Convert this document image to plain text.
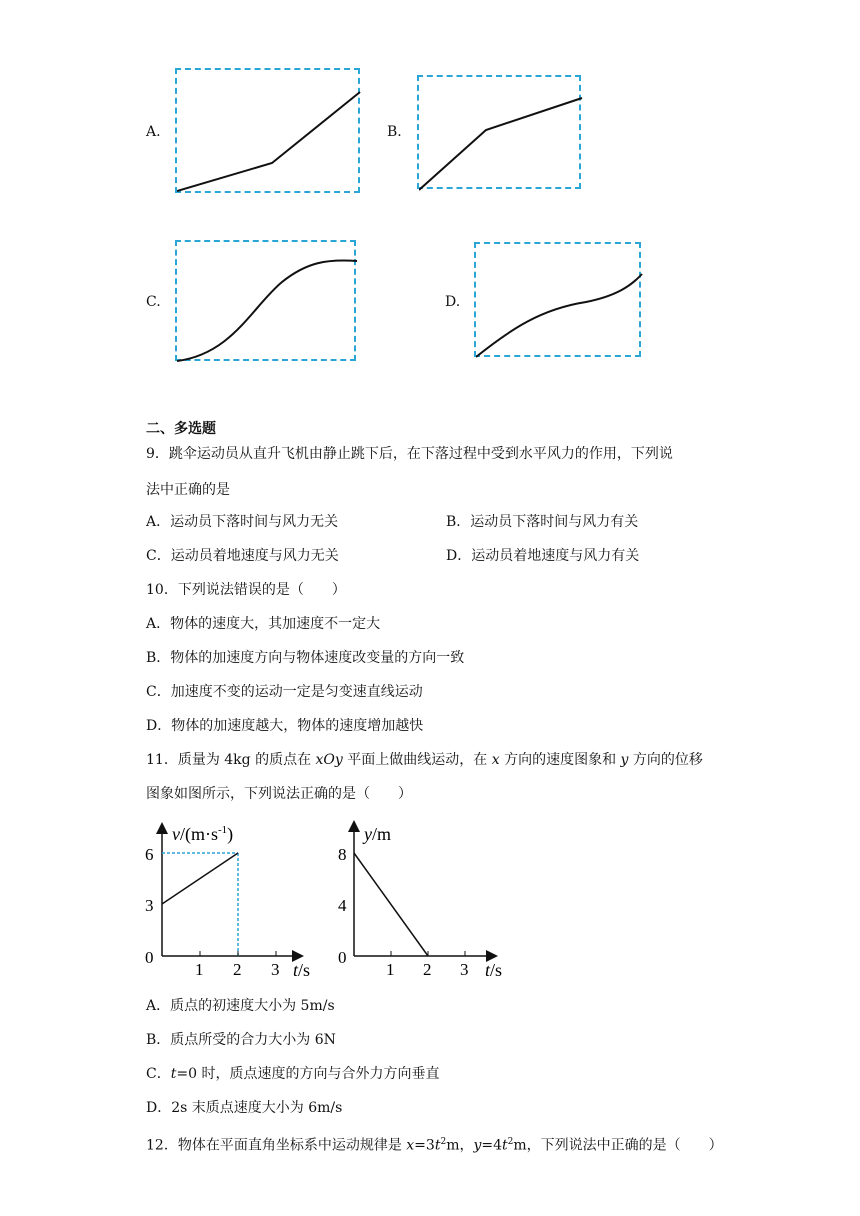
A.	B.
C.	D.
二、多选题
9．跳伞运动员从直升飞机由静止跳下后，在下落过程中受到水平风力的作用，下列说
法中正确的是
A．运动员下落时间与风力无关	B．运动员下落时间与风力有关
C．运动员着地速度与风力无关	D．运动员着地速度与风力有关
10．下列说法错误的是（　　）
A．物体的速度大，其加速度不一定大
B．物体的加速度方向与物体速度改变量的方向一致
C．加速度不变的运动一定是匀变速直线运动
D．物体的加速度越大，物体的速度增加越快
11．质量为 4kg 的质点在 xOy 平面上做曲线运动，在 x 方向的速度图象和 y 方向的位移
图象如图所示，下列说法正确的是（　　）
6
3
0
1 2 3
$v/(m\cdot s^{-1})$
t/s
8
4
0
1 2 3
y/m
t/s
A．质点的初速度大小为 5m/s
B．质点所受的合力大小为 6N
C．t=0 时，质点速度的方向与合外力方向垂直
D．2s 末质点速度大小为 6m/s
12．物体在平面直角坐标系中运动规律是 $x=3t^2m$，$y=4t^2m$，下列说法中正确的是（　　）
